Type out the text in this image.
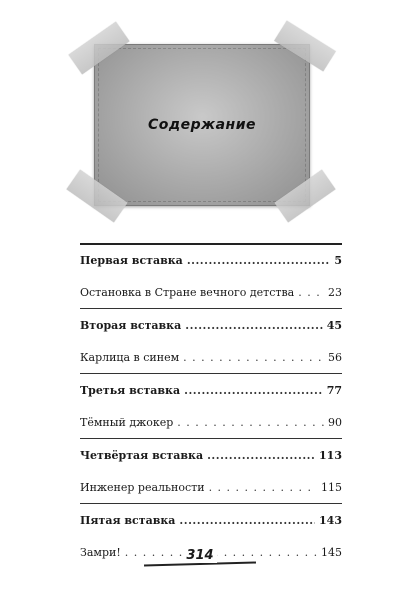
Содержание
Первая вставка .....	5
Остановка в Стране вечного детства . . .	23
Вторая вставка .....	45
Карлица в синем . . .	56
Третья вставка .....	77
Тёмный джокер . . .	90
Четвёртая вставка .....	113
Инженер реальности . . .	115
Пятая вставка .....	143
Замри! . . .	145
314
